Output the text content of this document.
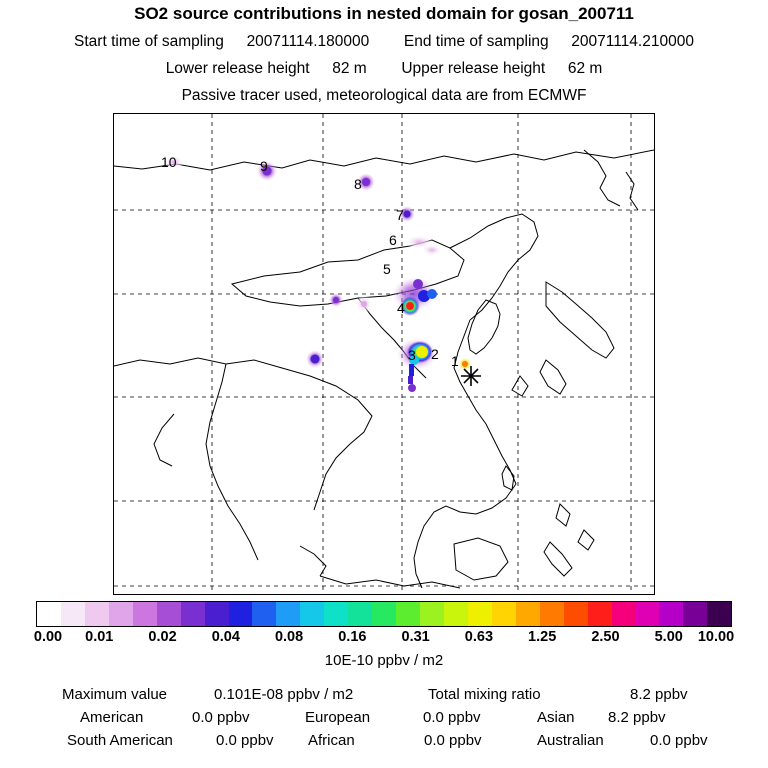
SO2 source contributions in nested domain for gosan_200711
Start time of sampling 20071114.180000 End time of sampling 20071114.210000
Lower release height 82 m Upper release height 62 m
Passive tracer used, meteorological data are from ECMWF
10	9
8
7
6
5
4
3 2 1
0.00 0.01 0.02 0.04 0.08 0.16 0.31 0.63 1.25 2.50 5.00 10.00
10E-10 ppbv / m2
Maximum value	0.101E-08 ppbv / m2	Total mixing ratio	8.2 ppbv
American	0.0 ppbv	European	0.0 ppbv	Asian 8.2 ppbv
South American	0.0 ppbv African	0.0 ppbv	Australian	0.0 ppbv
